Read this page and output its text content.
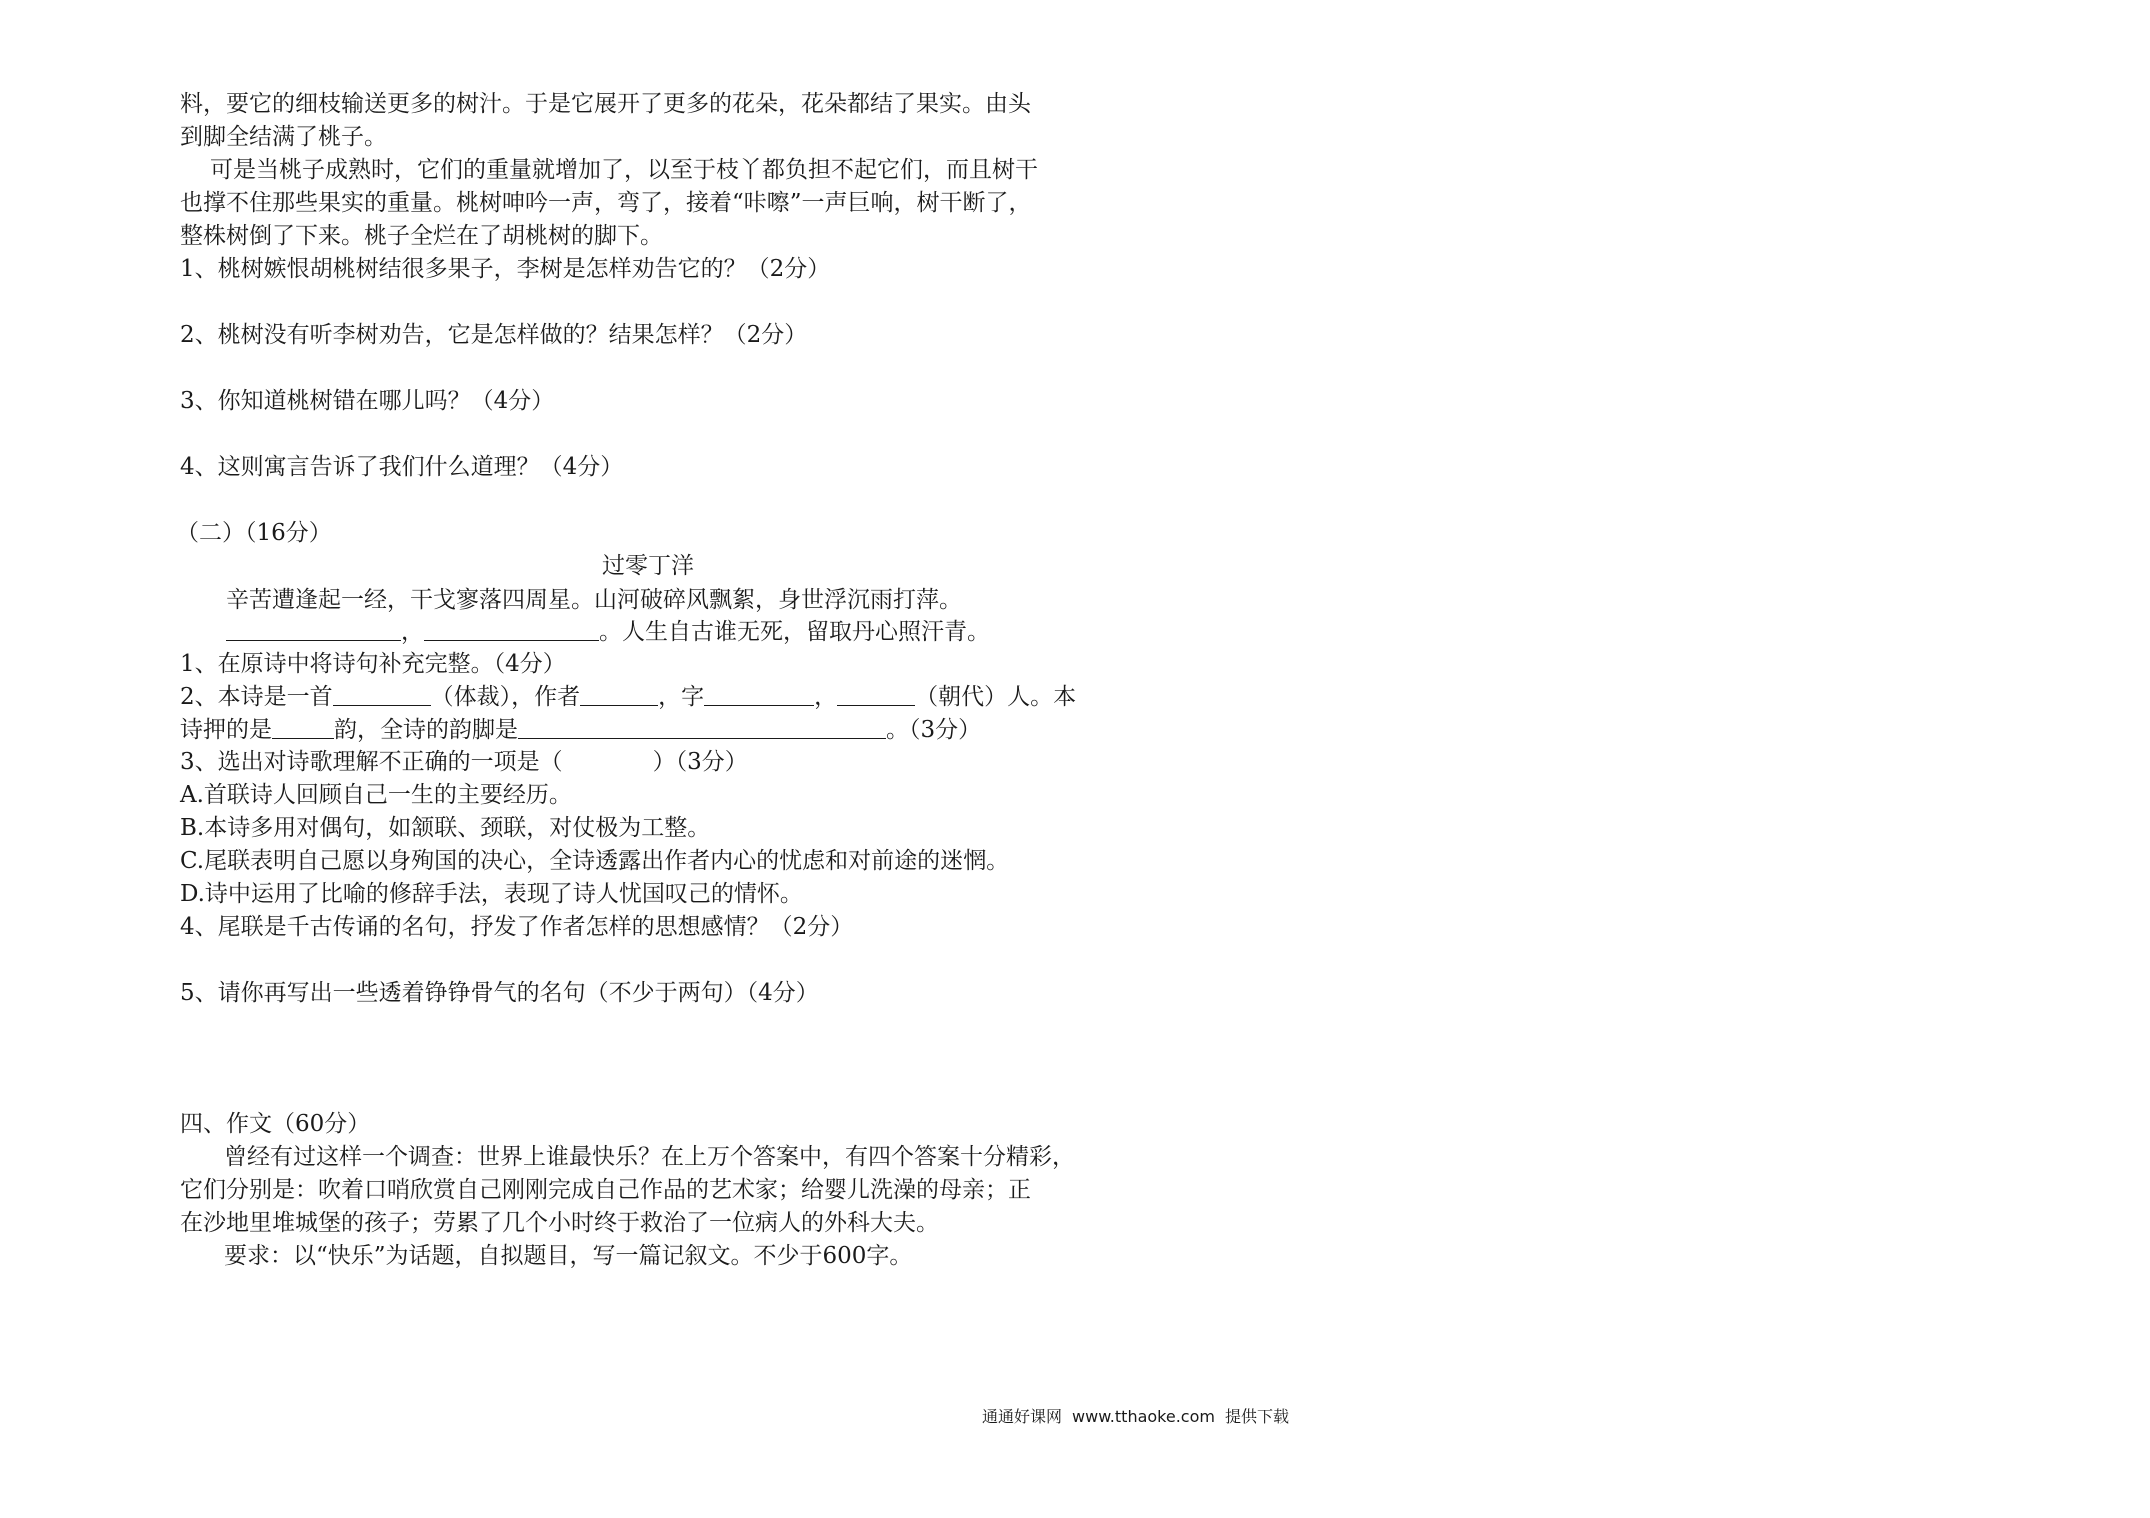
料，要它的细枝输送更多的树汁。于是它展开了更多的花朵，花朵都结了果实。由头
到脚全结满了桃子。
可是当桃子成熟时，它们的重量就增加了，以至于枝丫都负担不起它们，而且树干
也撑不住那些果实的重量。桃树呻吟一声，弯了，接着“咔嚓”一声巨响，树干断了，
整株树倒了下来。桃子全烂在了胡桃树的脚下。
1、桃树嫉恨胡桃树结很多果子，李树是怎样劝告它的？（2分）
2、桃树没有听李树劝告，它是怎样做的？结果怎样？（2分）
3、你知道桃树错在哪儿吗？（4分）
4、这则寓言告诉了我们什么道理？（4分）
（二）（16分）
过零丁洋
辛苦遭逢起一经，干戈寥落四周星。山河破碎风飘絮，身世浮沉雨打萍。
，	。人生自古谁无死，留取丹心照汗青。
1、在原诗中将诗句补充完整。（4分）
2、本诗是一首	（体裁），作者	，字	，	（朝代）人。本
诗押的是	韵，全诗的韵脚是	。（3分）
3、选出对诗歌理解不正确的一项是（	）（3分）
A.首联诗人回顾自己一生的主要经历。
B.本诗多用对偶句，如颔联、颈联，对仗极为工整。
C.尾联表明自己愿以身殉国的决心，全诗透露出作者内心的忧虑和对前途的迷惘。
D.诗中运用了比喻的修辞手法，表现了诗人忧国叹己的情怀。
4、尾联是千古传诵的名句，抒发了作者怎样的思想感情？（2分）
5、请你再写出一些透着铮铮骨气的名句（不少于两句）（4分）
四、作文（60分）
曾经有过这样一个调查：世界上谁最快乐？在上万个答案中，有四个答案十分精彩，
它们分别是：吹着口哨欣赏自己刚刚完成自己作品的艺术家；给婴儿洗澡的母亲；正
在沙地里堆城堡的孩子；劳累了几个小时终于救治了一位病人的外科大夫。
要求：以“快乐”为话题，自拟题目，写一篇记叙文。不少于600字。
通通好课网 www.tthaoke.com 提供下载
